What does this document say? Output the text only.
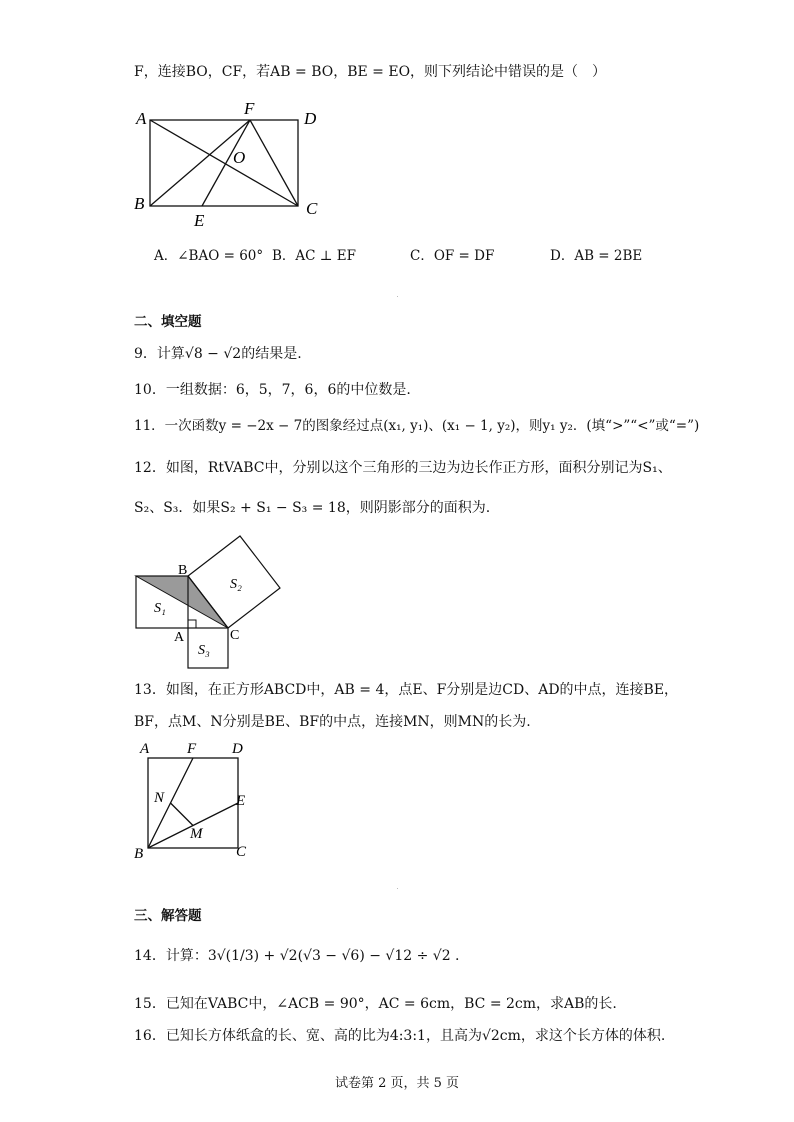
F，连接BO，CF，若AB = BO，BE = EO，则下列结论中错误的是（　）
A
F
D
O
B
E
C
A．∠BAO = 60° B．AC ⊥ EF	C．OF = DF	D．AB = 2BE
二、填空题
9．计算√8 − √2的结果是.
10．一组数据：6，5，7，6，6的中位数是.
11．一次函数y = −2x − 7的图象经过点(x₁, y₁)、(x₁ − 1, y₂)，则y₁ y₂．(填“>”“<”或“=”)
12．如图，RtVABC中，分别以这个三角形的三边为边长作正方形，面积分别记为S₁、
S₂、S₃．如果S₂ + S₁ − S₃ = 18，则阴影部分的面积为.
B
A	C
S₁
S₂
S₃
13．如图，在正方形ABCD中，AB = 4，点E、F分别是边CD、AD的中点，连接BE，
BF，点M、N分别是BE、BF的中点，连接MN，则MN的长为.
A	F D
N	E
M
B	C
三、解答题
14．计算：3√(1/3) + √2(√3 − √6) − √12 ÷ √2 .
15．已知在VABC中，∠ACB = 90°，AC = 6cm，BC = 2cm，求AB的长.
16．已知长方体纸盒的长、宽、高的比为4:3:1，且高为√2cm，求这个长方体的体积.
试卷第 2 页，共 5 页
